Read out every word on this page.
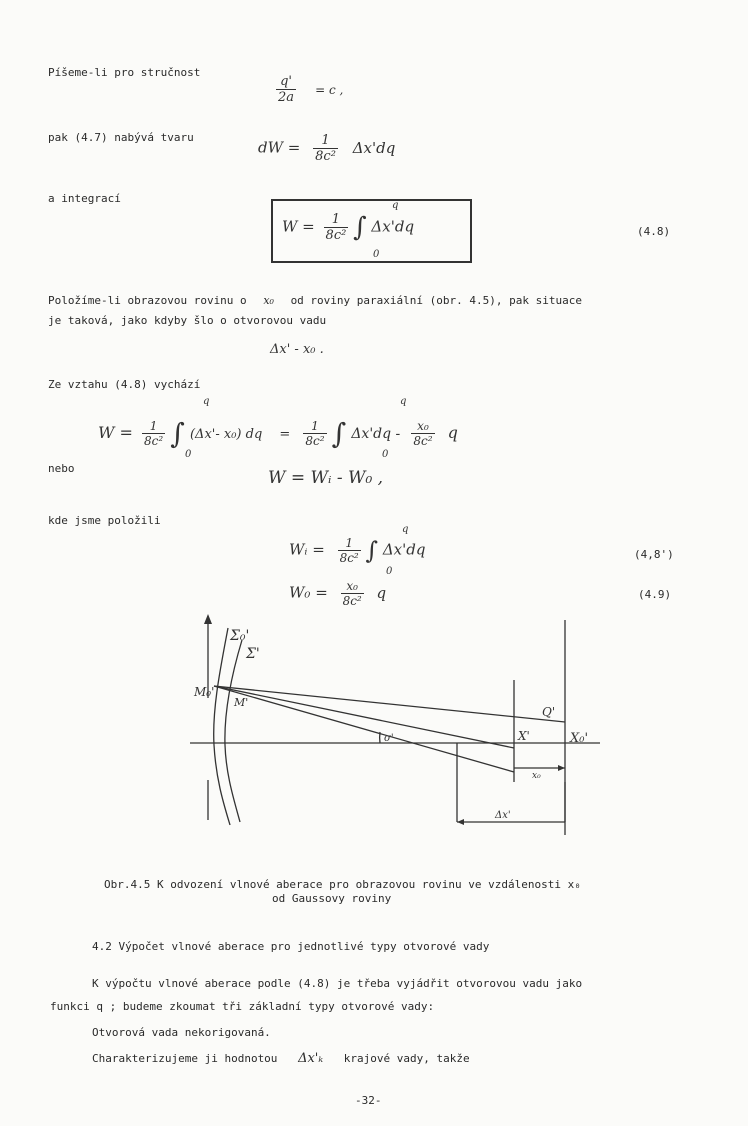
Píšeme-li pro stručnost
pak (4.7) nabývá tvaru
a integrací
$\frac{q'}{2a} = c$ ,
dW = $\frac{1}{\text{8c²}} \Delta x'dq$
$W = \frac{1}{\text{8c²}}$ ∫ Δx'dq
q
0
(4.8)
Položíme-li obrazovou rovinu o x₀ od roviny paraxiální (obr. 4.5), pak situace
je taková, jako kdyby šlo o otvorovou vadu
Δx' - x₀ .
Ze vztahu (4.8) vychází
$W = \frac{1}{\text{8c²}}$ ∫ (Δx'- x₀) dq = $\frac{1}{\text{8c²}}$ ∫ $\Delta x'dq - \frac{\text{x₀}}{\text{8c²}}$ q
q
0
q
0
nebo	W = Wᵢ - W₀ ,
kde jsme položili
Wᵢ = $\frac{1}{\text{8c²}}$ ∫ Δx'dq
q
0
(4,8')
$W_0 = \frac{\text{x₀}}{\text{8c²}}$ q	(4.9)
Σ₀'
Σ'
M₀'
M'
Q'
X'	X₀'
σ'
x₀
Δx'
Obr.4.5 K odvození vlnové aberace pro obrazovou rovinu ve vzdálenosti x₀
od Gaussovy roviny
4.2 Výpočet vlnové aberace pro jednotlivé typy otvorové vady
K výpočtu vlnové aberace podle (4.8) je třeba vyjádřit otvorovou vadu jako
funkci q ; budeme zkoumat tři základní typy otvorové vady:
Otvorová vada nekorigovaná.
Charakterizujeme ji hodnotou Δx'ₖ krajové vady, takže
-32-
